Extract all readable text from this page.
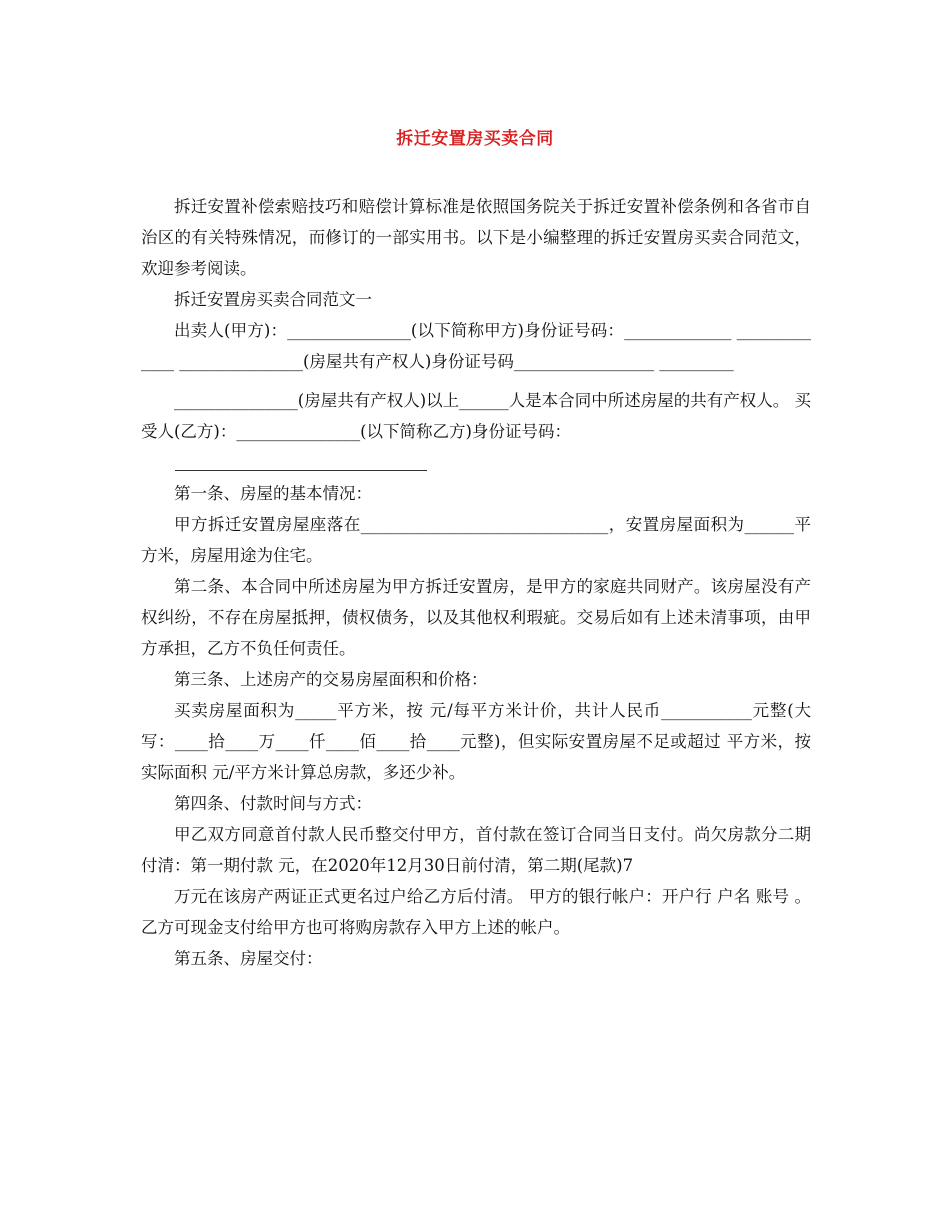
拆迁安置房买卖合同

拆迁安置补偿索赔技巧和赔偿计算标准是依照国务院关于拆迁安置补偿条例和各省市自治区的有关特殊情况，而修订的一部实用书。以下是小编整理的拆迁安置房买卖合同范文，欢迎参考阅读。

拆迁安置房买卖合同范文一

出卖人(甲方)：_______________(以下简称甲方)身份证号码：_____________ _____________ _______________(房屋共有产权人)身份证号码_________________ _________

_______________(房屋共有产权人)以上______人是本合同中所述房屋的共有产权人。 买受人(乙方)：_______________(以下简称乙方)身份证号码：

第一条、房屋的基本情况：

甲方拆迁安置房屋座落在______________________________，安置房屋面积为______平方米，房屋用途为住宅。

第二条、本合同中所述房屋为甲方拆迁安置房，是甲方的家庭共同财产。该房屋没有产权纠纷，不存在房屋抵押，债权债务，以及其他权利瑕疵。交易后如有上述未清事项，由甲方承担，乙方不负任何责任。

第三条、上述房产的交易房屋面积和价格：

买卖房屋面积为_____平方米，按 元/每平方米计价，共计人民币___________元整(大写：____拾____万____仟____佰____拾____元整)，但实际安置房屋不足或超过 平方米，按实际面积 元/平方米计算总房款，多还少补。

第四条、付款时间与方式：

甲乙双方同意首付款人民币整交付甲方，首付款在签订合同当日支付。尚欠房款分二期付清：第一期付款 元，在2020年12月30日前付清，第二期(尾款)7

万元在该房产两证正式更名过户给乙方后付清。 甲方的银行帐户：开户行 户名 账号 。乙方可现金支付给甲方也可将购房款存入甲方上述的帐户。

第五条、房屋交付：
